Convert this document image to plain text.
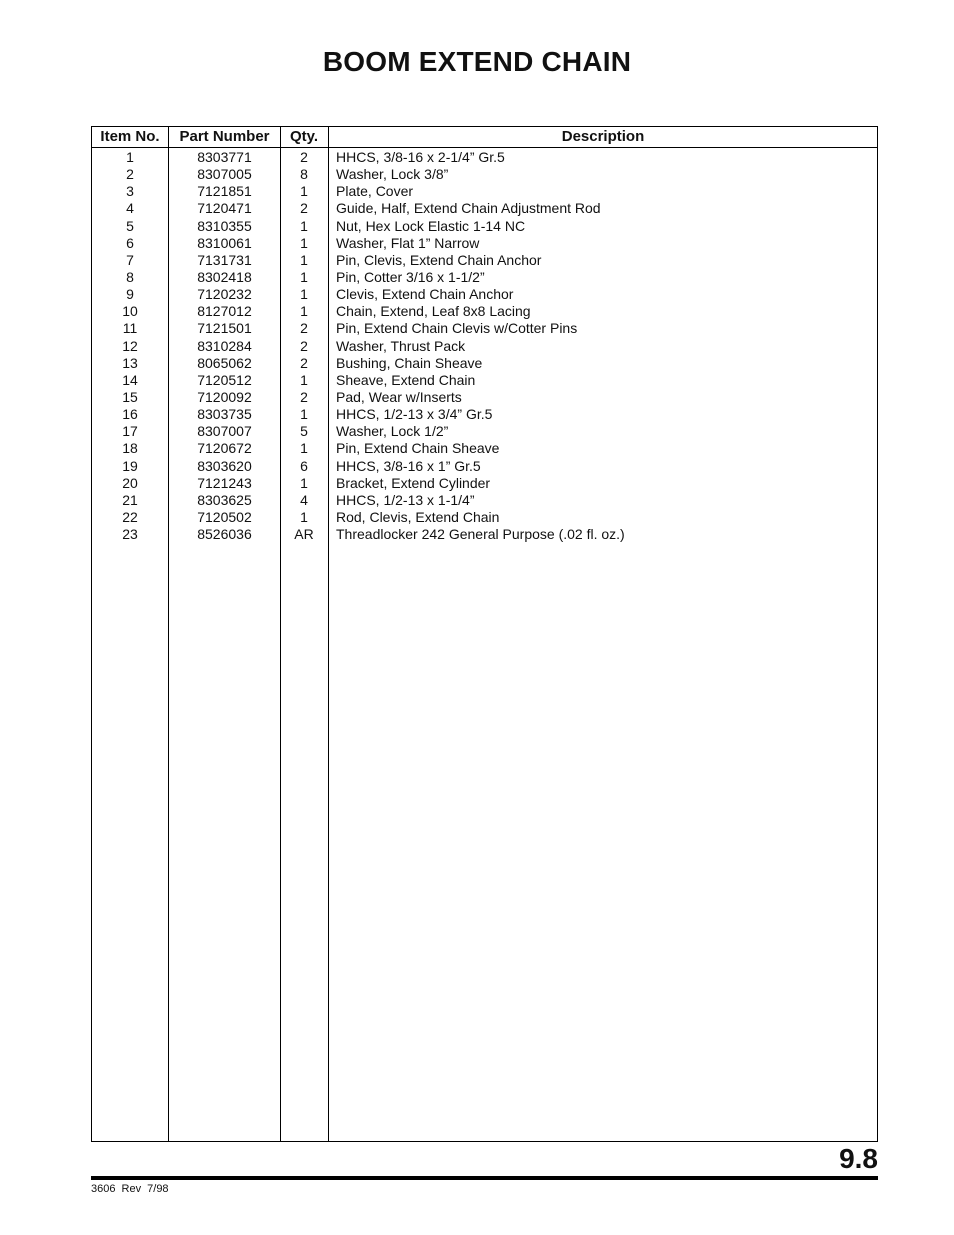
BOOM EXTEND CHAIN
Item No.	Part Number	Qty.	Description
1	8303771	2	HHCS, 3/8-16 x 2-1/4” Gr.5
2	8307005	8	Washer, Lock 3/8”
3	7121851	1	Plate, Cover
4	7120471	2	Guide, Half, Extend Chain Adjustment Rod
5	8310355	1	Nut, Hex Lock Elastic 1-14 NC
6	8310061	1	Washer, Flat 1” Narrow
7	7131731	1	Pin, Clevis, Extend Chain Anchor
8	8302418	1	Pin, Cotter 3/16 x 1-1/2”
9	7120232	1	Clevis, Extend Chain Anchor
10	8127012	1	Chain, Extend, Leaf 8x8 Lacing
11	7121501	2	Pin, Extend Chain Clevis w/Cotter Pins
12	8310284	2	Washer, Thrust Pack
13	8065062	2	Bushing, Chain Sheave
14	7120512	1	Sheave, Extend Chain
15	7120092	2	Pad, Wear w/Inserts
16	8303735	1	HHCS, 1/2-13 x 3/4” Gr.5
17	8307007	5	Washer, Lock 1/2”
18	7120672	1	Pin, Extend Chain Sheave
19	8303620	6	HHCS, 3/8-16 x 1” Gr.5
20	7121243	1	Bracket, Extend Cylinder
21	8303625	4	HHCS, 1/2-13 x 1-1/4”
22	7120502	1	Rod, Clevis, Extend Chain
23	8526036	AR	Threadlocker 242 General Purpose (.02 fl. oz.)
9.8
3606 Rev 7/98
